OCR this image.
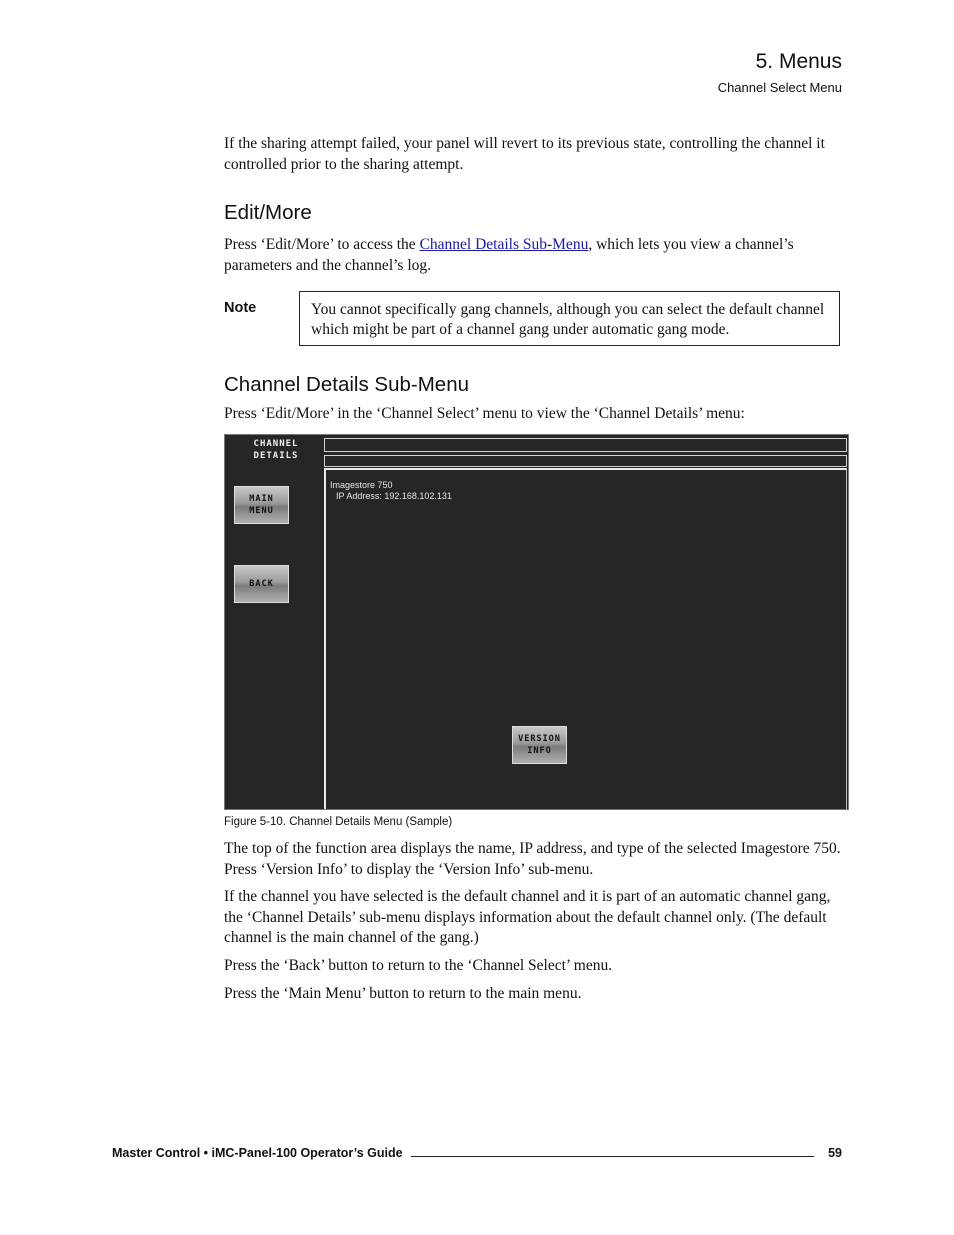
5. Menus
Channel Select Menu

If the sharing attempt failed, your panel will revert to its previous state, controlling the channel it controlled prior to the sharing attempt.

Edit/More

Press ‘Edit/More’ to access the Channel Details Sub-Menu, which lets you view a channel’s parameters and the channel’s log.

Note	You cannot specifically gang channels, although you can select the default channel which might be part of a channel gang under automatic gang mode.
Channel Details Sub-Menu

Press ‘Edit/More’ in the ‘Channel Select’ menu to view the ‘Channel Details’ menu:

CHANNEL
DETAILS
MAIN
MENU
BACK
Imagestore 750
IP Address: 192.168.102.131
VERSION
INFO
Figure 5-10. Channel Details Menu (Sample)

The top of the function area displays the name, IP address, and type of the selected Imagestore 750. Press ‘Version Info’ to display the ‘Version Info’ sub-menu.

If the channel you have selected is the default channel and it is part of an automatic channel gang, the ‘Channel Details’ sub-menu displays information about the default channel only. (The default channel is the main channel of the gang.)

Press the ‘Back’ button to return to the ‘Channel Select’ menu.

Press the ‘Main Menu’ button to return to the main menu.

Master Control • iMC-Panel-100 Operator’s Guide	59
